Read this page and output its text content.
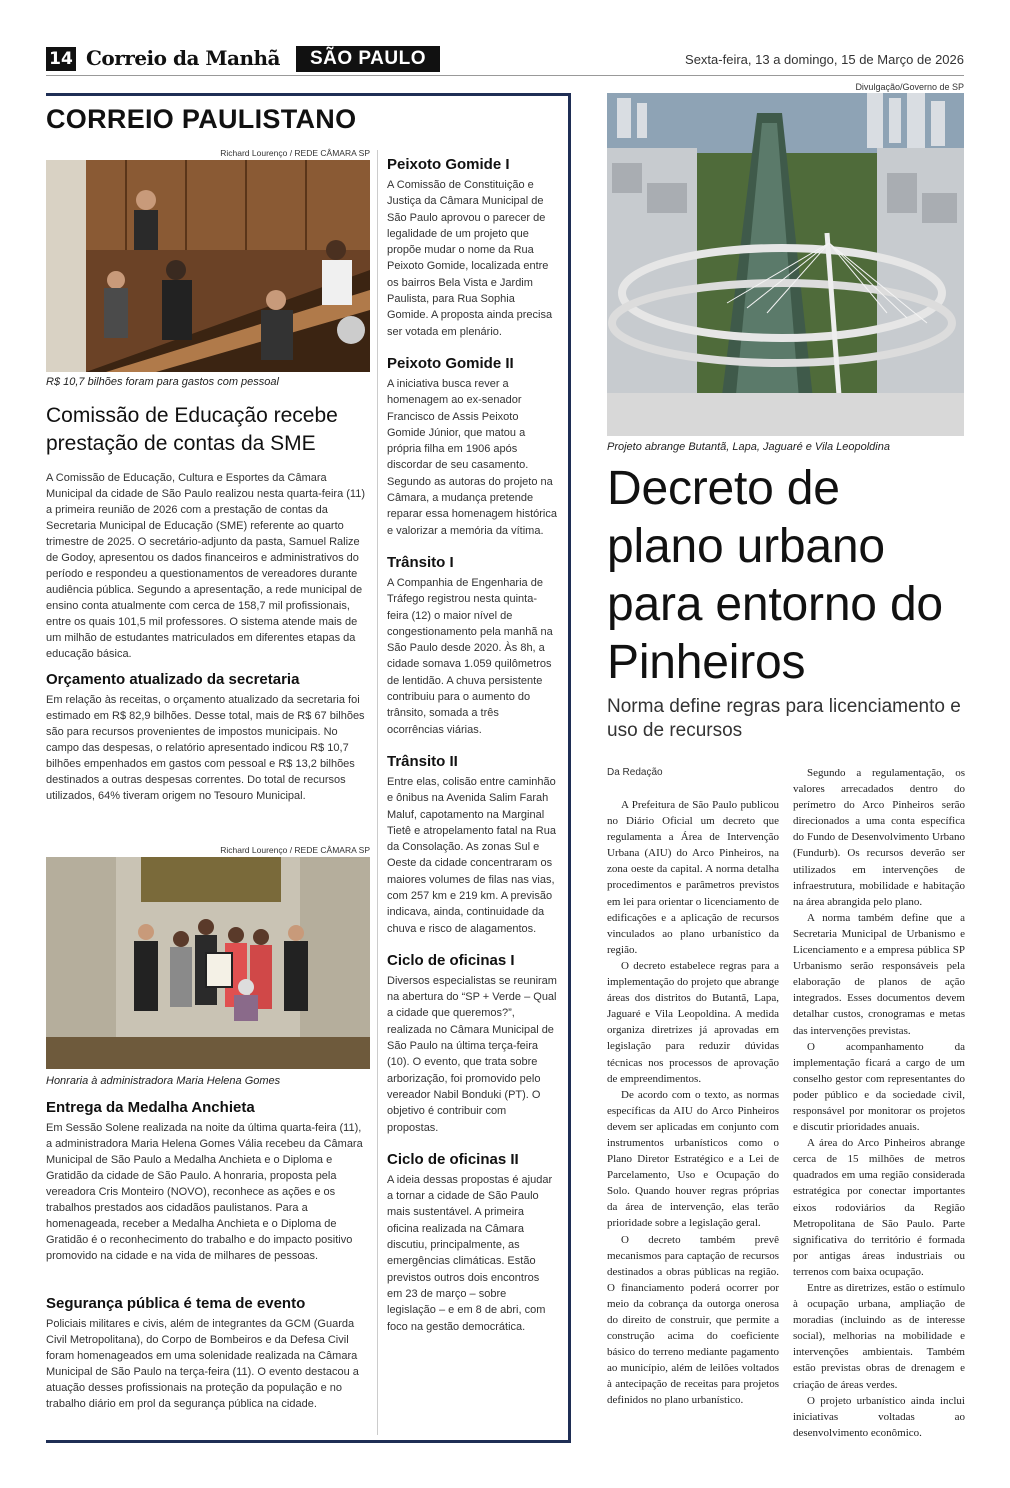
14 Correio da Manhã	SÃO PAULO	Sexta-feira, 13 a domingo, 15 de Março de 2026
CORREIO PAULISTANO
Richard Lourenço / REDE CÂMARA SP
R$ 10,7 bilhões foram para gastos com pessoal
Comissão de Educação recebe prestação de contas da SME
A Comissão de Educação, Cultura e Esportes da Câmara Municipal da cidade de São Paulo realizou nesta quarta-feira (11) a primeira reunião de 2026 com a prestação de contas da Secretaria Municipal de Educação (SME) referente ao quarto trimestre de 2025. O secretário-adjunto da pasta, Samuel Ralize de Godoy, apresentou os dados financeiros e administrativos do período e respondeu a questionamentos de vereadores durante audiência pública. Segundo a apresentação, a rede municipal de ensino conta atualmente com cerca de 158,7 mil profissionais, entre os quais 101,5 mil professores. O sistema atende mais de um milhão de estudantes matriculados em diferentes etapas da educação básica.
Orçamento atualizado da secretaria
Em relação às receitas, o orçamento atualizado da secretaria foi estimado em R$ 82,9 bilhões. Desse total, mais de R$ 67 bilhões são para recursos provenientes de impostos municipais. No campo das despesas, o relatório apresentado indicou R$ 10,7 bilhões empenhados em gastos com pessoal e R$ 13,2 bilhões destinados a outras despesas correntes. Do total de recursos utilizados, 64% tiveram origem no Tesouro Municipal.
Richard Lourenço / REDE CÂMARA SP
Honraria à administradora Maria Helena Gomes
Entrega da Medalha Anchieta
Em Sessão Solene realizada na noite da última quarta-feira (11), a administradora Maria Helena Gomes Vália recebeu da Câmara Municipal de São Paulo a Medalha Anchieta e o Diploma e Gratidão da cidade de São Paulo. A honraria, proposta pela vereadora Cris Monteiro (NOVO), reconhece as ações e os trabalhos prestados aos cidadãos paulistanos. Para a homenageada, receber a Medalha Anchieta e o Diploma de Gratidão é o reconhecimento do trabalho e do impacto positivo promovido na cidade e na vida de milhares de pessoas.
Segurança pública é tema de evento
Policiais militares e civis, além de integrantes da GCM (Guarda Civil Metropolitana), do Corpo de Bombeiros e da Defesa Civil foram homenageados em uma solenidade realizada na Câmara Municipal de São Paulo na terça-feira (11). O evento destacou a atuação desses profissionais na proteção da população e no trabalho diário em prol da segurança pública na cidade.
Peixoto Gomide I
A Comissão de Constituição e Justiça da Câmara Municipal de São Paulo aprovou o parecer de legalidade de um projeto que propõe mudar o nome da Rua Peixoto Gomide, localizada entre os bairros Bela Vista e Jardim Paulista, para Rua Sophia Gomide. A proposta ainda precisa ser votada em plenário.
Peixoto Gomide II
A iniciativa busca rever a homenagem ao ex-senador Francisco de Assis Peixoto Gomide Júnior, que matou a própria filha em 1906 após discordar de seu casamento. Segundo as autoras do projeto na Câmara, a mudança pretende reparar essa homenagem histórica e valorizar a memória da vítima.
Trânsito I
A Companhia de Engenharia de Tráfego registrou nesta quinta-feira (12) o maior nível de congestionamento pela manhã na São Paulo desde 2020. Às 8h, a cidade somava 1.059 quilômetros de lentidão. A chuva persistente contribuiu para o aumento do trânsito, somada a três ocorrências viárias.
Trânsito II
Entre elas, colisão entre caminhão e ônibus na Avenida Salim Farah Maluf, capotamento na Marginal Tietê e atropelamento fatal na Rua da Consolação. As zonas Sul e Oeste da cidade concentraram os maiores volumes de filas nas vias, com 257 km e 219 km. A previsão indicava, ainda, continuidade da chuva e risco de alagamentos.
Ciclo de oficinas I
Diversos especialistas se reuniram na abertura do “SP + Verde – Qual a cidade que queremos?”, realizada no Câmara Municipal de São Paulo na última terça-feira (10). O evento, que trata sobre arborização, foi promovido pelo vereador Nabil Bonduki (PT). O objetivo é contribuir com propostas.
Ciclo de oficinas II
A ideia dessas propostas é ajudar a tornar a cidade de São Paulo mais sustentável. A primeira oficina realizada na Câmara discutiu, principalmente, as emergências climáticas. Estão previstos outros dois encontros em 23 de março – sobre legislação – e em 8 de abri, com foco na gestão democrática.
Divulgação/Governo de SP
Projeto abrange Butantã, Lapa, Jaguaré e Vila Leopoldina
Decreto de plano urbano para entorno do Pinheiros
Norma define regras para licenciamento e uso de recursos
Da Redação

A Prefeitura de São Paulo publicou no Diário Oficial um decreto que regulamenta a Área de Intervenção Urbana (AIU) do Arco Pinheiros, na zona oeste da capital. A norma detalha procedimentos e parâmetros previstos em lei para orientar o licenciamento de edificações e a aplicação de recursos vinculados ao plano urbanístico da região.

O decreto estabelece regras para a implementação do projeto que abrange áreas dos distritos do Butantã, Lapa, Jaguaré e Vila Leopoldina. A medida organiza diretrizes já aprovadas em legislação para reduzir dúvidas técnicas nos processos de aprovação de empreendimentos.

De acordo com o texto, as normas específicas da AIU do Arco Pinheiros devem ser aplicadas em conjunto com instrumentos urbanísticos como o Plano Diretor Estratégico e a Lei de Parcelamento, Uso e Ocupação do Solo. Quando houver regras próprias da área de intervenção, elas terão prioridade sobre a legislação geral.

O decreto também prevê mecanismos para captação de recursos destinados a obras públicas na região. O financiamento poderá ocorrer por meio da cobrança da outorga onerosa do direito de construir, que permite a construção acima do coeficiente básico do terreno mediante pagamento ao município, além de leilões voltados à antecipação de receitas para projetos definidos no plano urbanístico.

Segundo a regulamentação, os valores arrecadados dentro do perímetro do Arco Pinheiros serão direcionados a uma conta específica do Fundo de Desenvolvimento Urbano (Fundurb). Os recursos deverão ser utilizados em intervenções de infraestrutura, mobilidade e habitação na área abrangida pelo plano.

A norma também define que a Secretaria Municipal de Urbanismo e Licenciamento e a empresa pública SP Urbanismo serão responsáveis pela elaboração de planos de ação integrados. Esses documentos devem detalhar custos, cronogramas e metas das intervenções previstas.

O acompanhamento da implementação ficará a cargo de um conselho gestor com representantes do poder público e da sociedade civil, responsável por monitorar os projetos e discutir prioridades anuais.

A área do Arco Pinheiros abrange cerca de 15 milhões de metros quadrados em uma região considerada estratégica por conectar importantes eixos rodoviários da Região Metropolitana de São Paulo. Parte significativa do território é formada por antigas áreas industriais ou terrenos com baixa ocupação.

Entre as diretrizes, estão o estímulo à ocupação urbana, ampliação de moradias (incluindo as de interesse social), melhorias na mobilidade e intervenções ambientais. Também estão previstas obras de drenagem e criação de áreas verdes.

O projeto urbanístico ainda inclui iniciativas voltadas ao desenvolvimento econômico.
